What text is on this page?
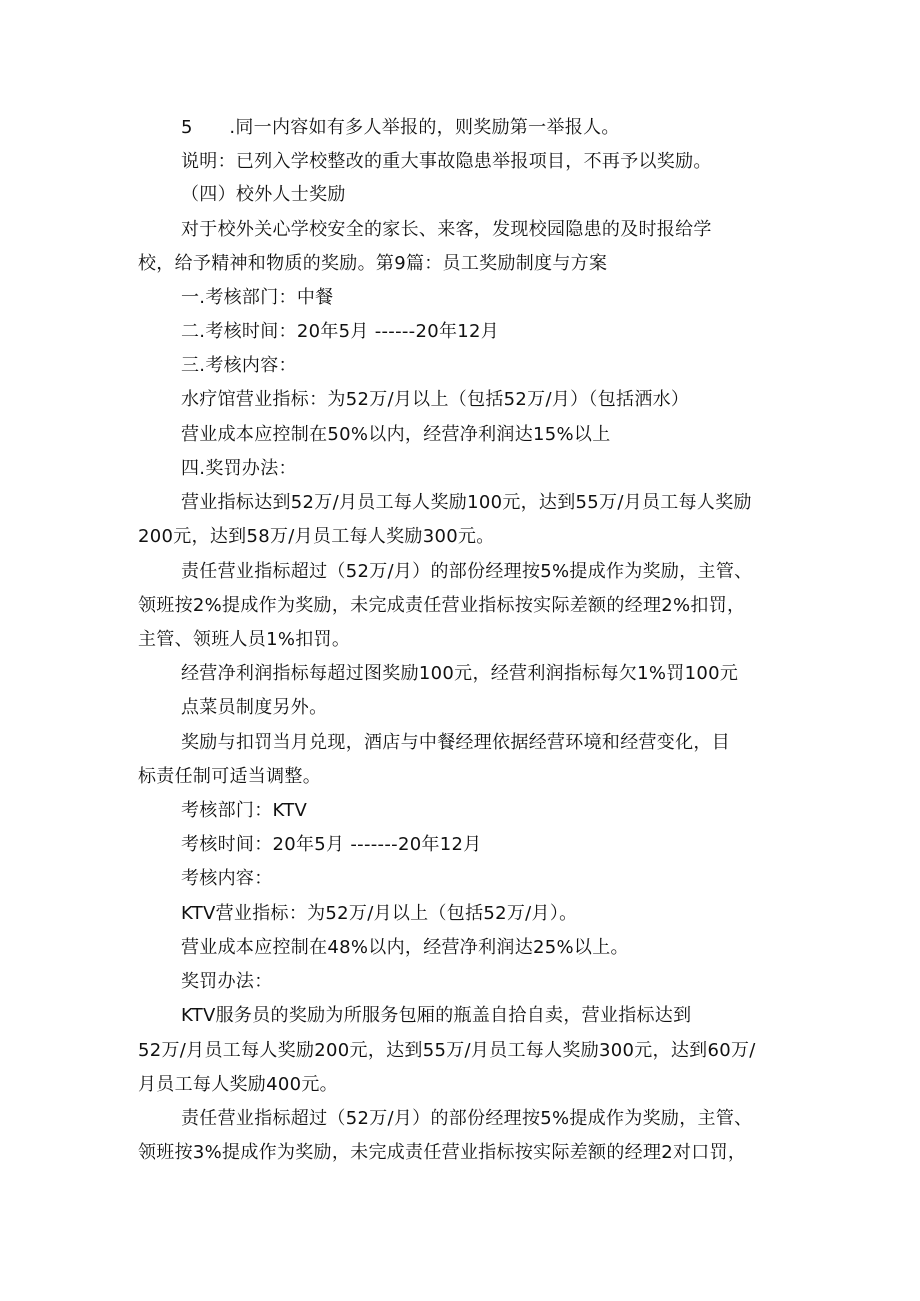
5　　.同一内容如有多人举报的，则奖励第一举报人。
说明：已列入学校整改的重大事故隐患举报项目，不再予以奖励。
（四）校外人士奖励
对于校外关心学校安全的家长、来客，发现校园隐患的及时报给学
校，给予精神和物质的奖励。第9篇：员工奖励制度与方案
一.考核部门：中餐
二.考核时间：20年5月 ------20年12月
三.考核内容：
水疗馆营业指标：为52万/月以上（包括52万/月）（包括洒水）
营业成本应控制在50%以内，经营净利润达15%以上
四.奖罚办法：
营业指标达到52万/月员工每人奖励100元，达到55万/月员工每人奖励
200元，达到58万/月员工每人奖励300元。
责任营业指标超过（52万/月）的部份经理按5%提成作为奖励，主管、
领班按2%提成作为奖励，未完成责任营业指标按实际差额的经理2%扣罚，
主管、领班人员1%扣罚。
经营净利润指标每超过图奖励100元，经营利润指标每欠1%罚100元
点菜员制度另外。
奖励与扣罚当月兑现，酒店与中餐经理依据经营环境和经营变化，目
标责任制可适当调整。
考核部门：KTV
考核时间：20年5月 -------20年12月
考核内容：
KTV营业指标：为52万/月以上（包括52万/月）。
营业成本应控制在48%以内，经营净利润达25%以上。
奖罚办法：
KTV服务员的奖励为所服务包厢的瓶盖自拾自卖，营业指标达到
52万/月员工每人奖励200元，达到55万/月员工每人奖励300元，达到60万/
月员工每人奖励400元。
责任营业指标超过（52万/月）的部份经理按5%提成作为奖励，主管、
领班按3%提成作为奖励，未完成责任营业指标按实际差额的经理2对口罚，
